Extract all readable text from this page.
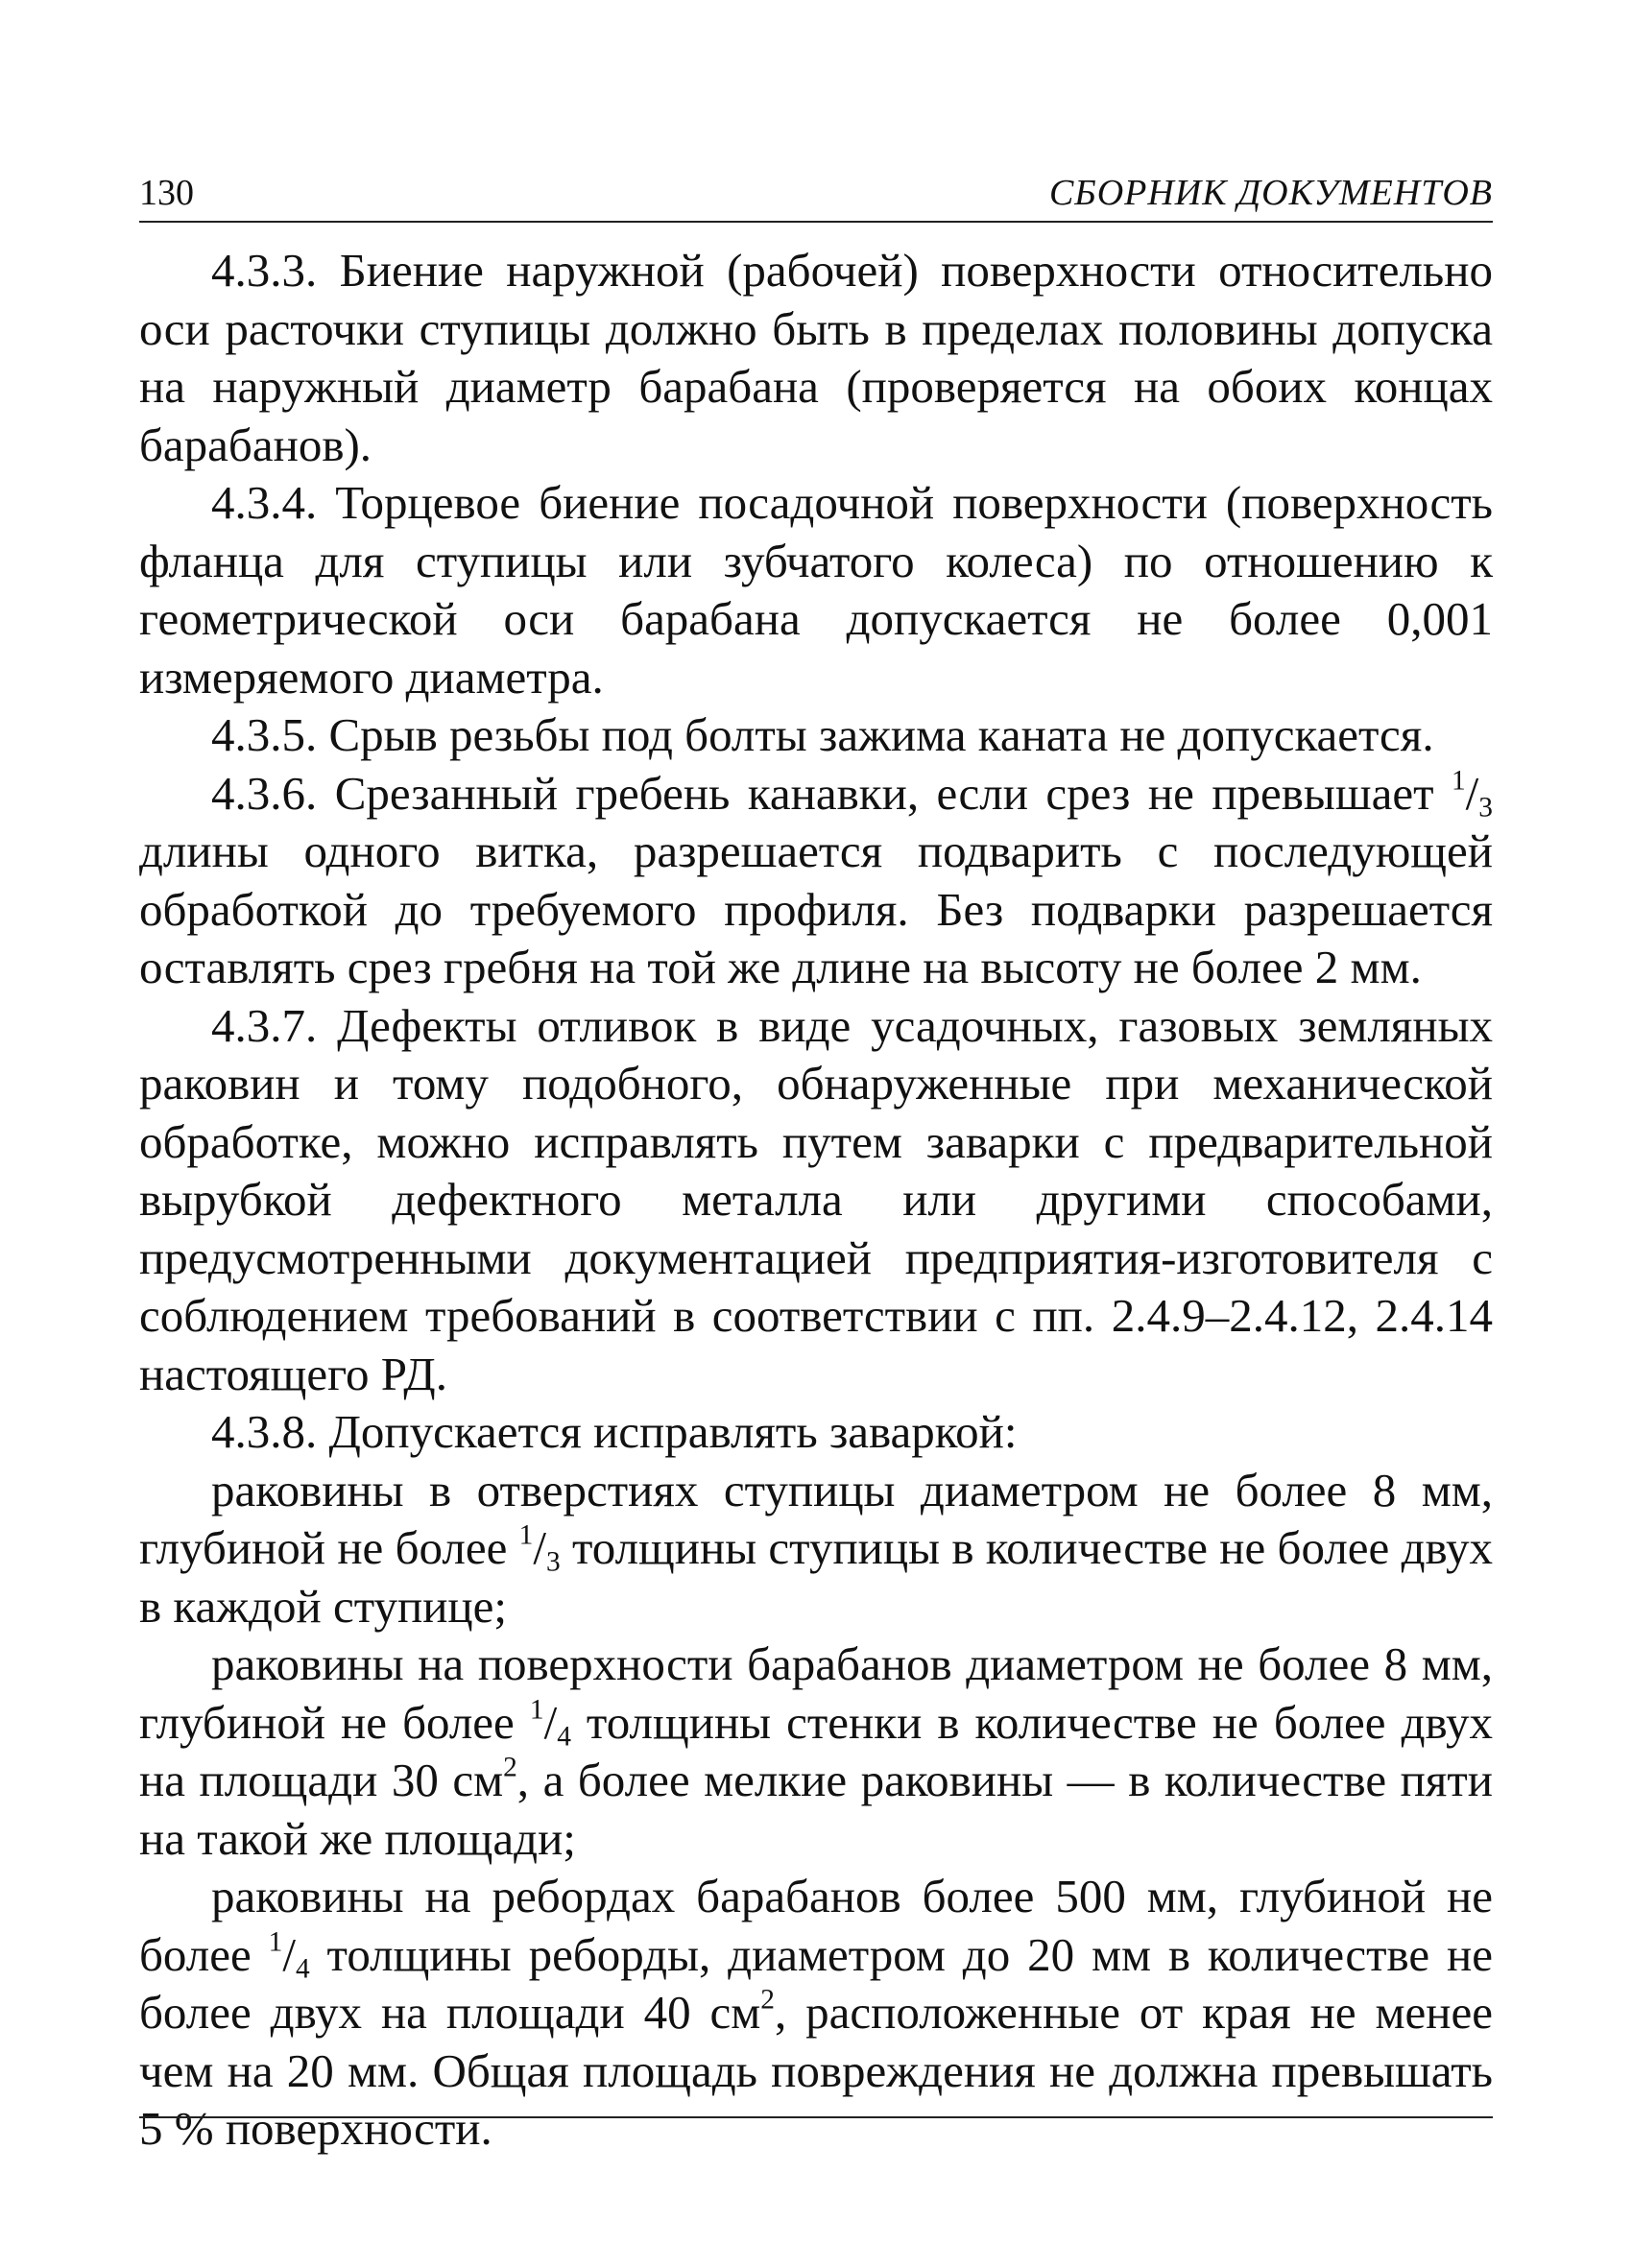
130	СБОРНИК ДОКУМЕНТОВ

4.3.3. Биение наружной (рабочей) поверхности относительно оси расточки ступицы должно быть в пределах половины допуска на наружный диаметр барабана (проверяется на обоих концах барабанов).

4.3.4. Торцевое биение посадочной поверхности (поверхность фланца для ступицы или зубчатого колеса) по отношению к геометрической оси барабана допускается не более 0,001 измеряемого диаметра.

4.3.5. Срыв резьбы под болты зажима каната не допускается.

4.3.6. Срезанный гребень канавки, если срез не превышает $^1/_3$ длины одного витка, разрешается подварить с последующей обработкой до требуемого профиля. Без подварки разрешается оставлять срез гребня на той же длине на высоту не более 2 мм.

4.3.7. Дефекты отливок в виде усадочных, газовых земляных раковин и тому подобного, обнаруженные при механической обработке, можно исправлять путем заварки с предварительной вырубкой дефектного металла или другими способами, предусмотренными документацией предприятия-изготовителя с соблюдением требований в соответствии с пп. 2.4.9–2.4.12, 2.4.14 настоящего РД.

4.3.8. Допускается исправлять заваркой:

раковины в отверстиях ступицы диаметром не более 8 мм, глубиной не более $^1/_3$ толщины ступицы в количестве не более двух в каждой ступице;

раковины на поверхности барабанов диаметром не более 8 мм, глубиной не более $^1/_4$ толщины стенки в количестве не более двух на площади 30 $см^2$, а более мелкие раковины — в количестве пяти на такой же площади;

раковины на ребордах барабанов более 500 мм, глубиной не более $^1/_4$ толщины реборды, диаметром до 20 мм в количестве не более двух на площади 40 $см^2$, расположенные от края не менее чем на 20 мм. Общая площадь повреждения не должна превышать 5 % поверхности.
